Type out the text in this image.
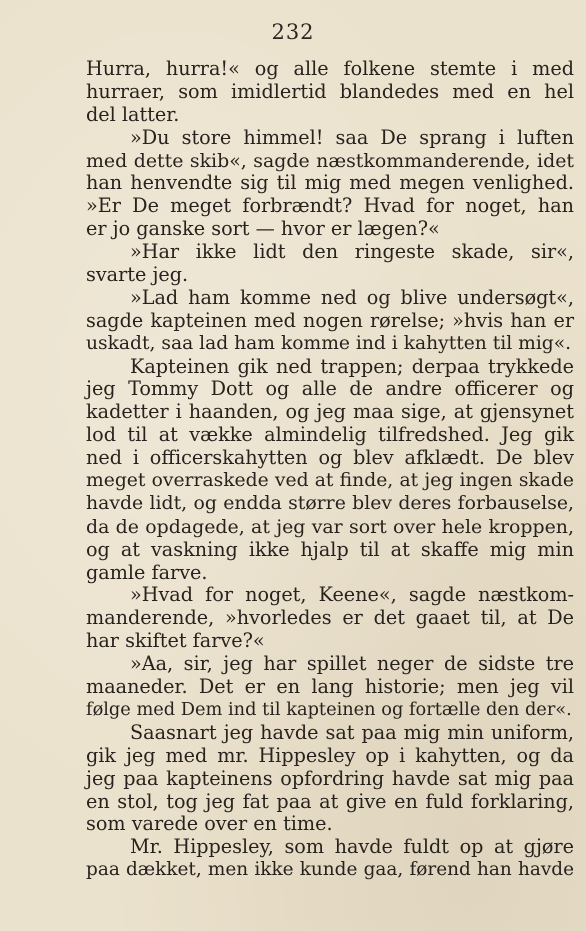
232
Hurra, hurra!« og alle folkene stemte i med
hurraer, som imidlertid blandedes med en hel
del latter.
»Du store himmel! saa De sprang i luften
med dette skib«, sagde næstkommanderende, idet
han henvendte sig til mig med megen venlighed.
»Er De meget forbrændt? Hvad for noget, han
er jo ganske sort — hvor er lægen?«
»Har ikke lidt den ringeste skade, sir«,
svarte jeg.
»Lad ham komme ned og blive undersøgt«,
sagde kapteinen med nogen rørelse; »hvis han er
uskadt, saa lad ham komme ind i kahytten til mig«.
Kapteinen gik ned trappen; derpaa trykkede
jeg Tommy Dott og alle de andre officerer og
kadetter i haanden, og jeg maa sige, at gjensynet
lod til at vække almindelig tilfredshed. Jeg gik
ned i officerskahytten og blev afklædt. De blev
meget overraskede ved at finde, at jeg ingen skade
havde lidt, og endda større blev deres forbauselse,
da de opdagede, at jeg var sort over hele kroppen,
og at vaskning ikke hjalp til at skaffe mig min
gamle farve.
»Hvad for noget, Keene«, sagde næstkom-
manderende, »hvorledes er det gaaet til, at De
har skiftet farve?«
»Aa, sir, jeg har spillet neger de sidste tre
maaneder. Det er en lang historie; men jeg vil
følge med Dem ind til kapteinen og fortælle den der«.
Saasnart jeg havde sat paa mig min uniform,
gik jeg med mr. Hippesley op i kahytten, og da
jeg paa kapteinens opfordring havde sat mig paa
en stol, tog jeg fat paa at give en fuld forklaring,
som varede over en time.
Mr. Hippesley, som havde fuldt op at gjøre
paa dækket, men ikke kunde gaa, førend han havde
